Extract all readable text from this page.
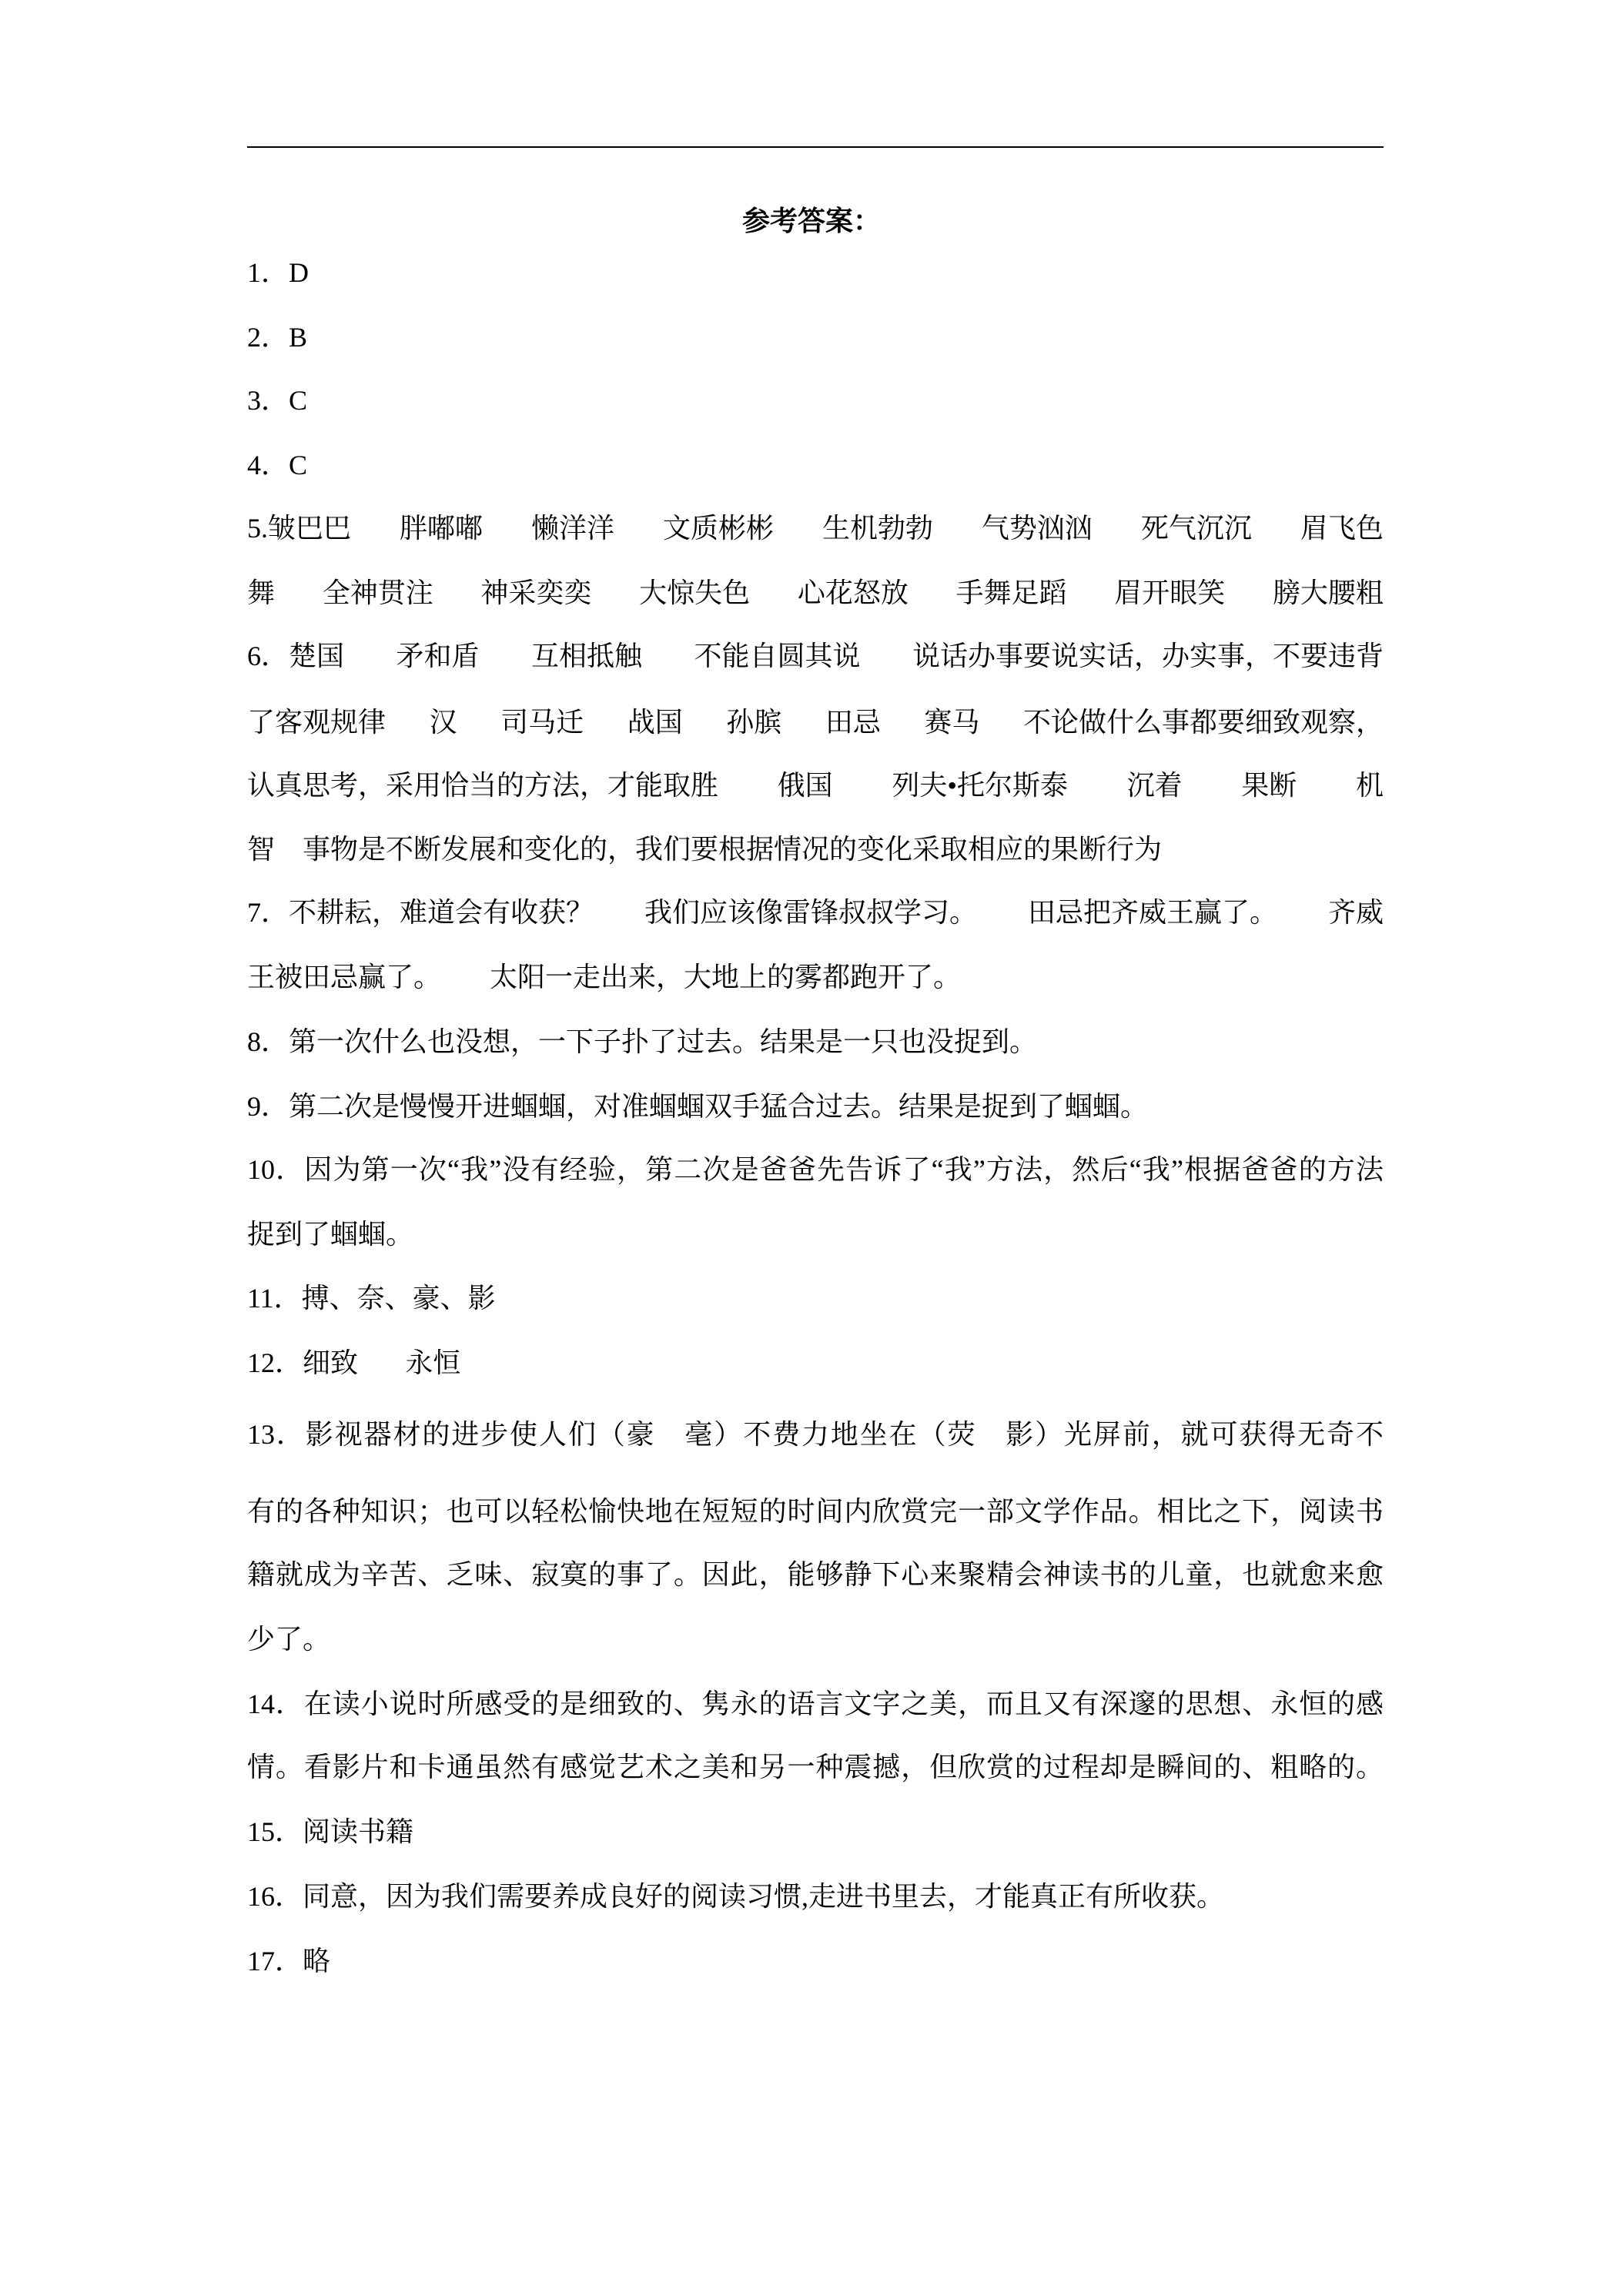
参考答案：
1．D
2．B
3．C
4．C
5.皱巴巴 胖嘟嘟 懒洋洋 文质彬彬 生机勃勃 气势汹汹 死气沉沉 眉飞色
舞 全神贯注 神采奕奕 大惊失色 心花怒放 手舞足蹈 眉开眼笑 膀大腰粗
6．楚国 矛和盾 互相抵触 不能自圆其说 说话办事要说实话，办实事，不要违背
了客观规律 汉 司马迁 战国 孙膑 田忌 赛马 不论做什么事都要细致观察，
认真思考，采用恰当的方法，才能取胜 俄国 列夫•托尔斯泰 沉着 果断 机
智 事物是不断发展和变化的，我们要根据情况的变化采取相应的果断行为
7．不耕耘，难道会有收获？ 我们应该像雷锋叔叔学习。 田忌把齐威王赢了。 齐威
王被田忌赢了。 太阳一走出来，大地上的雾都跑开了。
8．第一次什么也没想，一下子扑了过去。结果是一只也没捉到。
9．第二次是慢慢开进蝈蝈，对准蝈蝈双手猛合过去。结果是捉到了蝈蝈。
10．因为第一次“我”没有经验，第二次是爸爸先告诉了“我”方法，然后“我”根据爸爸的方法
捉到了蝈蝈。
11．搏、奈、豪、影
12．细致 永恒
13．影视器材的进步使人们（豪　毫）不费力地坐在（荧　影）光屏前，就可获得无奇不
有的各种知识；也可以轻松愉快地在短短的时间内欣赏完一部文学作品。相比之下，阅读书
籍就成为辛苦、乏味、寂寞的事了。因此，能够静下心来聚精会神读书的儿童，也就愈来愈
少了。
14．在读小说时所感受的是细致的、隽永的语言文字之美，而且又有深邃的思想、永恒的感
情。看影片和卡通虽然有感觉艺术之美和另一种震撼，但欣赏的过程却是瞬间的、粗略的。
15．阅读书籍
16．同意，因为我们需要养成良好的阅读习惯,走进书里去，才能真正有所收获。
17．略
